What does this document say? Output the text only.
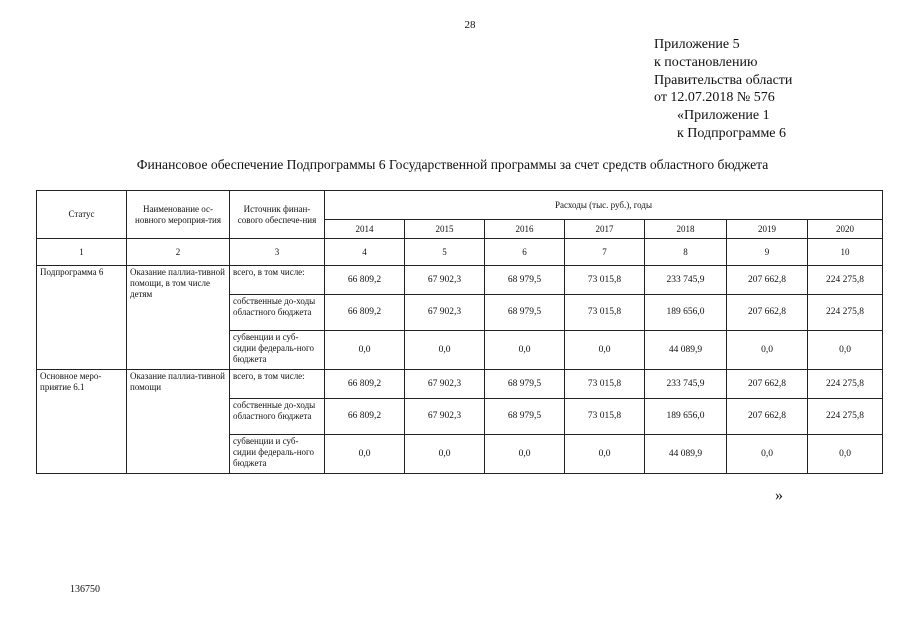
28
Приложение 5
к постановлению
Правительства области
от 12.07.2018 № 576
«Приложение 1
к Подпрограмме 6
Финансовое обеспечение Подпрограммы 6 Государственной программы за счет средств областного бюджета
Статус	Наименование ос-новного мероприя-тия	Источник финан-сового обеспече-ния	Расходы (тыс. руб.), годы						
			2014	2015	2016	2017	2018	2019	2020
1	2	3	4	5	6	7	8	9	10
Подпрограмма 6	Оказание паллиа-тивной помощи, в том числе детям	всего, в том числе:	66 809,2	67 902,3	68 979,5	73 015,8	233 745,9	207 662,8	224 275,8
		собственные до-ходы областного бюджета	66 809,2	67 902,3	68 979,5	73 015,8	189 656,0	207 662,8	224 275,8
		субвенции и суб-сидии федераль-ного бюджета	0,0	0,0	0,0	0,0	44 089,9	0,0	0,0
Основное меро-приятие 6.1	Оказание паллиа-тивной помощи	всего, в том числе:	66 809,2	67 902,3	68 979,5	73 015,8	233 745,9	207 662,8	224 275,8
		собственные до-ходы областного бюджета	66 809,2	67 902,3	68 979,5	73 015,8	189 656,0	207 662,8	224 275,8
		субвенции и суб-сидии федераль-ного бюджета	0,0	0,0	0,0	0,0	44 089,9	0,0	0,0
»
136750
